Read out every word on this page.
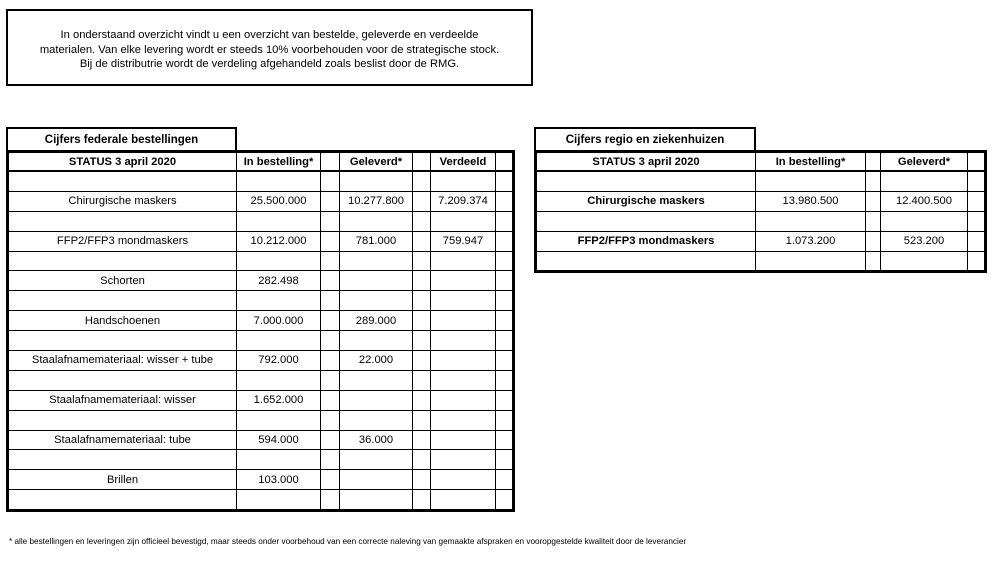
In onderstaand overzicht vindt u een overzicht van bestelde, geleverde en verdeelde
materialen. Van elke levering wordt er steeds 10% voorbehouden voor de strategische stock.
Bij de distributrie wordt de verdeling afgehandeld zoals beslist door de RMG.
Cijfers federale bestellingen
STATUS 3 april 2020	In bestelling*		Geleverd*		Verdeeld	

Chirurgische maskers	25.500.000		10.277.800		7.209.374	

FFP2/FFP3 mondmaskers	10.212.000		781.000		759.947	

Schorten	282.498					

Handschoenen	7.000.000		289.000			

Staalafnamemateriaal: wisser + tube	792.000		22.000			

Staalafnamemateriaal: wisser	1.652.000					

Staalafnamemateriaal: tube	594.000		36.000			

Brillen	103.000					

Cijfers regio en ziekenhuizen
STATUS 3 april 2020	In bestelling*		Geleverd*	

Chirurgische maskers	13.980.500		12.400.500	

FFP2/FFP3 mondmaskers	1.073.200		523.200	

* alle bestellingen en leveringen zijn officieel bevestigd, maar steeds onder voorbehoud van een correcte naleving van gemaakte afspraken en vooropgestelde kwaliteit door de leverancier
